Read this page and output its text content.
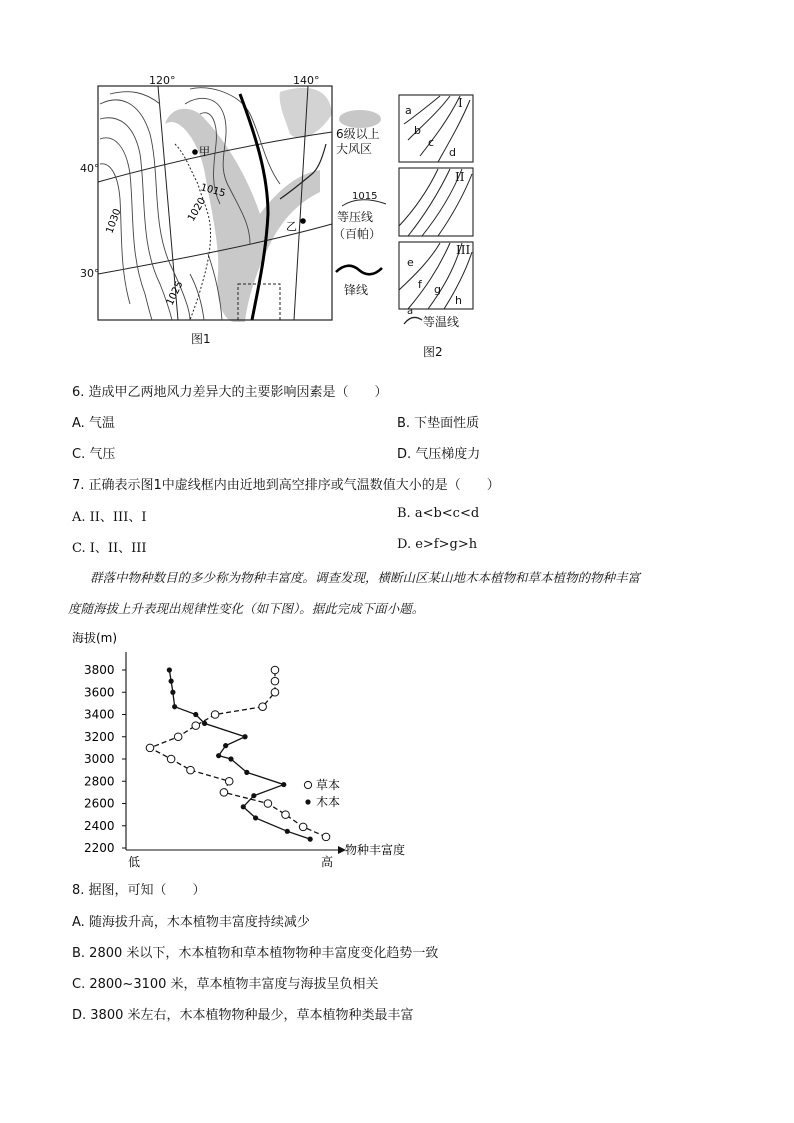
甲
乙
1015
1020
1025
1030
120°	140°
40°
30°
图1
6级以上
大风区
1015
等压线
（百帕）
锋线
I
a
b
c
d
II
III
e
f g
h
a
等温线
图2
6. 造成甲乙两地风力差异大的主要影响因素是（　　）
A. 气温	B. 下垫面性质
C. 气压	D. 气压梯度力
7. 正确表示图1中虚线框内由近地到高空排序或气温数值大小的是（　　）
A. II、III、I	B. a<b<c<d
C. I、II、III	D. e>f>g>h
群落中物种数目的多少称为物种丰富度。调查发现，横断山区某山地木本植物和草本植物的物种丰富
度随海拔上升表现出规律性变化（如下图）。据此完成下面小题。
海拔(m)
物种丰富度
低	高
2200
2400
2600
2800
3000
3200
3400
3600
3800
草本
木本
8. 据图，可知（　　）
A. 随海拔升高，木本植物丰富度持续减少
B. 2800 米以下，木本植物和草本植物物种丰富度变化趋势一致
C. 2800~3100 米，草本植物丰富度与海拔呈负相关
D. 3800 米左右，木本植物物种最少，草本植物种类最丰富
